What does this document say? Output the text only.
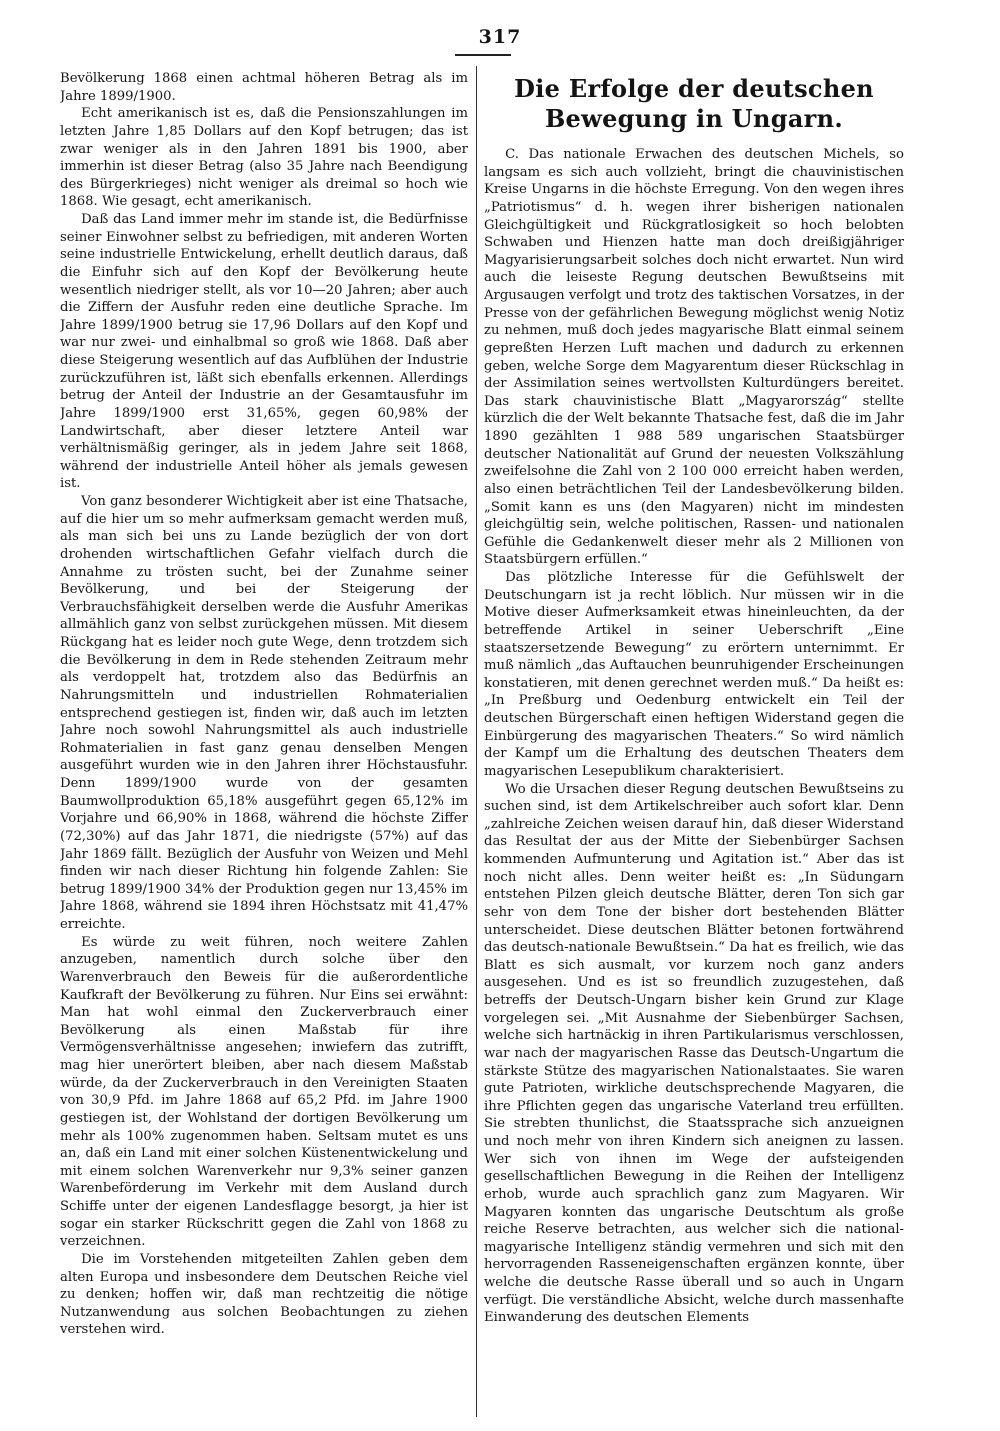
317

Bevölkerung 1868 einen achtmal höheren Betrag als im Jahre 1899/1900.

Echt amerikanisch ist es, daß die Pensionszahlungen im letzten Jahre 1,85 Dollars auf den Kopf betrugen; das ist zwar weniger als in den Jahren 1891 bis 1900, aber immerhin ist dieser Betrag (also 35 Jahre nach Beendigung des Bürgerkrieges) nicht weniger als dreimal so hoch wie 1868. Wie gesagt, echt amerikanisch.

Daß das Land immer mehr im stande ist, die Bedürfnisse seiner Einwohner selbst zu befriedigen, mit anderen Worten seine industrielle Entwickelung, erhellt deutlich daraus, daß die Einfuhr sich auf den Kopf der Bevölkerung heute wesentlich niedriger stellt, als vor 10—20 Jahren; aber auch die Ziffern der Ausfuhr reden eine deutliche Sprache. Im Jahre 1899/1900 betrug sie 17,96 Dollars auf den Kopf und war nur zwei- und einhalbmal so groß wie 1868. Daß aber diese Steigerung wesentlich auf das Aufblühen der Industrie zurückzuführen ist, läßt sich ebenfalls erkennen. Allerdings betrug der Anteil der Industrie an der Gesamtausfuhr im Jahre 1899/1900 erst 31,65%, gegen 60,98% der Landwirtschaft, aber dieser letztere Anteil war verhältnismäßig geringer, als in jedem Jahre seit 1868, während der industrielle Anteil höher als jemals gewesen ist.

Von ganz besonderer Wichtigkeit aber ist eine Thatsache, auf die hier um so mehr aufmerksam gemacht werden muß, als man sich bei uns zu Lande bezüglich der von dort drohenden wirtschaftlichen Gefahr vielfach durch die Annahme zu trösten sucht, bei der Zunahme seiner Bevölkerung, und bei der Steigerung der Verbrauchsfähigkeit derselben werde die Ausfuhr Amerikas allmählich ganz von selbst zurückgehen müssen. Mit diesem Rückgang hat es leider noch gute Wege, denn trotzdem sich die Bevölkerung in dem in Rede stehenden Zeitraum mehr als verdoppelt hat, trotzdem also das Bedürfnis an Nahrungsmitteln und industriellen Rohmaterialien entsprechend gestiegen ist, finden wir, daß auch im letzten Jahre noch sowohl Nahrungsmittel als auch industrielle Rohmaterialien in fast ganz genau denselben Mengen ausgeführt wurden wie in den Jahren ihrer Höchstausfuhr. Denn 1899/1900 wurde von der gesamten Baumwollproduktion 65,18% ausgeführt gegen 65,12% im Vorjahre und 66,90% in 1868, während die höchste Ziffer (72,30%) auf das Jahr 1871, die niedrigste (57%) auf das Jahr 1869 fällt. Bezüglich der Ausfuhr von Weizen und Mehl finden wir nach dieser Richtung hin folgende Zahlen: Sie betrug 1899/1900 34% der Produktion gegen nur 13,45% im Jahre 1868, während sie 1894 ihren Höchstsatz mit 41,47% erreichte.

Es würde zu weit führen, noch weitere Zahlen anzugeben, namentlich durch solche über den Warenverbrauch den Beweis für die außerordentliche Kaufkraft der Bevölkerung zu führen. Nur Eins sei erwähnt: Man hat wohl einmal den Zuckerverbrauch einer Bevölkerung als einen Maßstab für ihre Vermögensverhältnisse angesehen; inwiefern das zutrifft, mag hier unerörtert bleiben, aber nach diesem Maßstab würde, da der Zuckerverbrauch in den Vereinigten Staaten von 30,9 Pfd. im Jahre 1868 auf 65,2 Pfd. im Jahre 1900 gestiegen ist, der Wohlstand der dortigen Bevölkerung um mehr als 100% zugenommen haben. Seltsam mutet es uns an, daß ein Land mit einer solchen Küstenentwickelung und mit einem solchen Warenverkehr nur 9,3% seiner ganzen Warenbeförderung im Verkehr mit dem Ausland durch Schiffe unter der eigenen Landesflagge besorgt, ja hier ist sogar ein starker Rückschritt gegen die Zahl von 1868 zu verzeichnen.

Die im Vorstehenden mitgeteilten Zahlen geben dem alten Europa und insbesondere dem Deutschen Reiche viel zu denken; hoffen wir, daß man rechtzeitig die nötige Nutzanwendung aus solchen Beobachtungen zu ziehen verstehen wird.

Die Erfolge der deutschen Bewegung in Ungarn.

C. Das nationale Erwachen des deutschen Michels, so langsam es sich auch vollzieht, bringt die chauvinistischen Kreise Ungarns in die höchste Erregung. Von den wegen ihres „Patriotismus“ d. h. wegen ihrer bisherigen nationalen Gleichgültigkeit und Rückgratlosigkeit so hoch belobten Schwaben und Hienzen hatte man doch dreißigjähriger Magyarisierungsarbeit solches doch nicht erwartet. Nun wird auch die leiseste Regung deutschen Bewußtseins mit Argusaugen verfolgt und trotz des taktischen Vorsatzes, in der Presse von der gefährlichen Bewegung möglichst wenig Notiz zu nehmen, muß doch jedes magyarische Blatt einmal seinem gepreßten Herzen Luft machen und dadurch zu erkennen geben, welche Sorge dem Magyarentum dieser Rückschlag in der Assimilation seines wertvollsten Kulturdüngers bereitet. Das stark chauvinistische Blatt „Magyarország“ stellte kürzlich die der Welt bekannte Thatsache fest, daß die im Jahr 1890 gezählten 1 988 589 ungarischen Staatsbürger deutscher Nationalität auf Grund der neuesten Volkszählung zweifelsohne die Zahl von 2 100 000 erreicht haben werden, also einen beträchtlichen Teil der Landesbevölkerung bilden. „Somit kann es uns (den Magyaren) nicht im mindesten gleichgültig sein, welche politischen, Rassen- und nationalen Gefühle die Gedankenwelt dieser mehr als 2 Millionen von Staatsbürgern erfüllen.“

Das plötzliche Interesse für die Gefühlswelt der Deutschungarn ist ja recht löblich. Nur müssen wir in die Motive dieser Aufmerksamkeit etwas hineinleuchten, da der betreffende Artikel in seiner Ueberschrift „Eine staatszersetzende Bewegung“ zu erörtern unternimmt. Er muß nämlich „das Auftauchen beunruhigender Erscheinungen konstatieren, mit denen gerechnet werden muß.“ Da heißt es: „In Preßburg und Oedenburg entwickelt ein Teil der deutschen Bürgerschaft einen heftigen Widerstand gegen die Einbürgerung des magyarischen Theaters.“ So wird nämlich der Kampf um die Erhaltung des deutschen Theaters dem magyarischen Lesepublikum charakterisiert.

Wo die Ursachen dieser Regung deutschen Bewußtseins zu suchen sind, ist dem Artikelschreiber auch sofort klar. Denn „zahlreiche Zeichen weisen darauf hin, daß dieser Widerstand das Resultat der aus der Mitte der Siebenbürger Sachsen kommenden Aufmunterung und Agitation ist.“ Aber das ist noch nicht alles. Denn weiter heißt es: „In Südungarn entstehen Pilzen gleich deutsche Blätter, deren Ton sich gar sehr von dem Tone der bisher dort bestehenden Blätter unterscheidet. Diese deutschen Blätter betonen fortwährend das deutsch-nationale Bewußtsein.“ Da hat es freilich, wie das Blatt es sich ausmalt, vor kurzem noch ganz anders ausgesehen. Und es ist so freundlich zuzugestehen, daß betreffs der Deutsch-Ungarn bisher kein Grund zur Klage vorgelegen sei. „Mit Ausnahme der Siebenbürger Sachsen, welche sich hartnäckig in ihren Partikularismus verschlossen, war nach der magyarischen Rasse das Deutsch-Ungartum die stärkste Stütze des magyarischen Nationalstaates. Sie waren gute Patrioten, wirkliche deutschsprechende Magyaren, die ihre Pflichten gegen das ungarische Vaterland treu erfüllten. Sie strebten thunlichst, die Staatssprache sich anzueignen und noch mehr von ihren Kindern sich aneignen zu lassen. Wer sich von ihnen im Wege der aufsteigenden gesellschaftlichen Bewegung in die Reihen der Intelligenz erhob, wurde auch sprachlich ganz zum Magyaren. Wir Magyaren konnten das ungarische Deutschtum als große reiche Reserve betrachten, aus welcher sich die national-magyarische Intelligenz ständig vermehren und sich mit den hervorragenden Rasseneigenschaften ergänzen konnte, über welche die deutsche Rasse überall und so auch in Ungarn verfügt. Die verständliche Absicht, welche durch massenhafte Einwanderung des deutschen Elements
